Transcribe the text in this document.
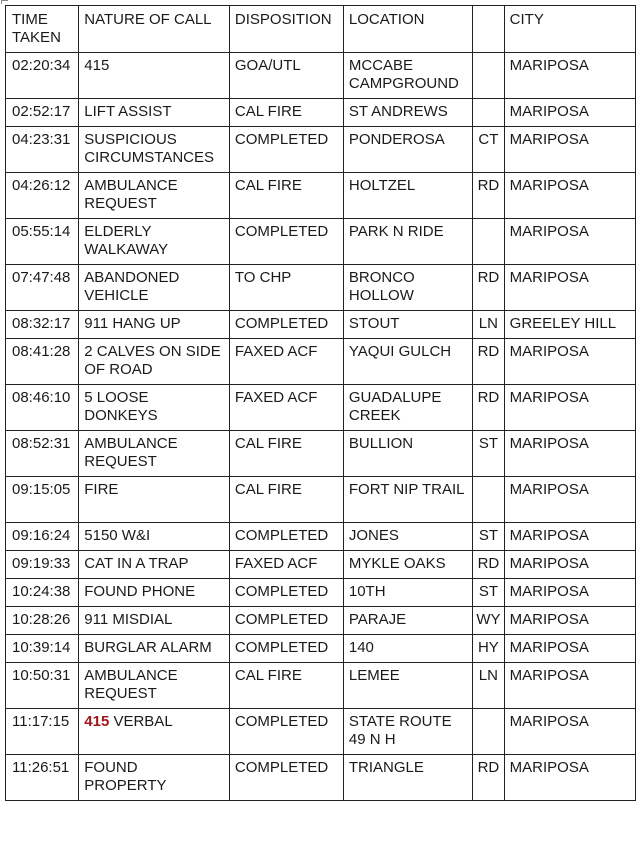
TIME TAKEN	NATURE OF CALL	DISPOSITION	LOCATION		CITY
02:20:34	415	GOA/UTL	MCCABE CAMPGROUND		MARIPOSA
02:52:17	LIFT ASSIST	CAL FIRE	ST ANDREWS		MARIPOSA
04:23:31	SUSPICIOUS CIRCUMSTANCES	COMPLETED	PONDEROSA	CT	MARIPOSA
04:26:12	AMBULANCE REQUEST	CAL FIRE	HOLTZEL	RD	MARIPOSA
05:55:14	ELDERLY WALKAWAY	COMPLETED	PARK N RIDE		MARIPOSA
07:47:48	ABANDONED VEHICLE	TO CHP	BRONCO HOLLOW	RD	MARIPOSA
08:32:17	911 HANG UP	COMPLETED	STOUT	LN	GREELEY HILL
08:41:28	2 CALVES ON SIDE OF ROAD	FAXED ACF	YAQUI GULCH	RD	MARIPOSA
08:46:10	5 LOOSE DONKEYS	FAXED ACF	GUADALUPE CREEK	RD	MARIPOSA
08:52:31	AMBULANCE REQUEST	CAL FIRE	BULLION	ST	MARIPOSA
09:15:05	FIRE	CAL FIRE	FORT NIP TRAIL		MARIPOSA
09:16:24	5150 W&I	COMPLETED	JONES	ST	MARIPOSA
09:19:33	CAT IN A TRAP	FAXED ACF	MYKLE OAKS	RD	MARIPOSA
10:24:38	FOUND PHONE	COMPLETED	10TH	ST	MARIPOSA
10:28:26	911 MISDIAL	COMPLETED	PARAJE	WY	MARIPOSA
10:39:14	BURGLAR ALARM	COMPLETED	140	HY	MARIPOSA
10:50:31	AMBULANCE REQUEST	CAL FIRE	LEMEE	LN	MARIPOSA
11:17:15	415 VERBAL	COMPLETED	STATE ROUTE 49 N H		MARIPOSA
11:26:51	FOUND PROPERTY	COMPLETED	TRIANGLE	RD	MARIPOSA
